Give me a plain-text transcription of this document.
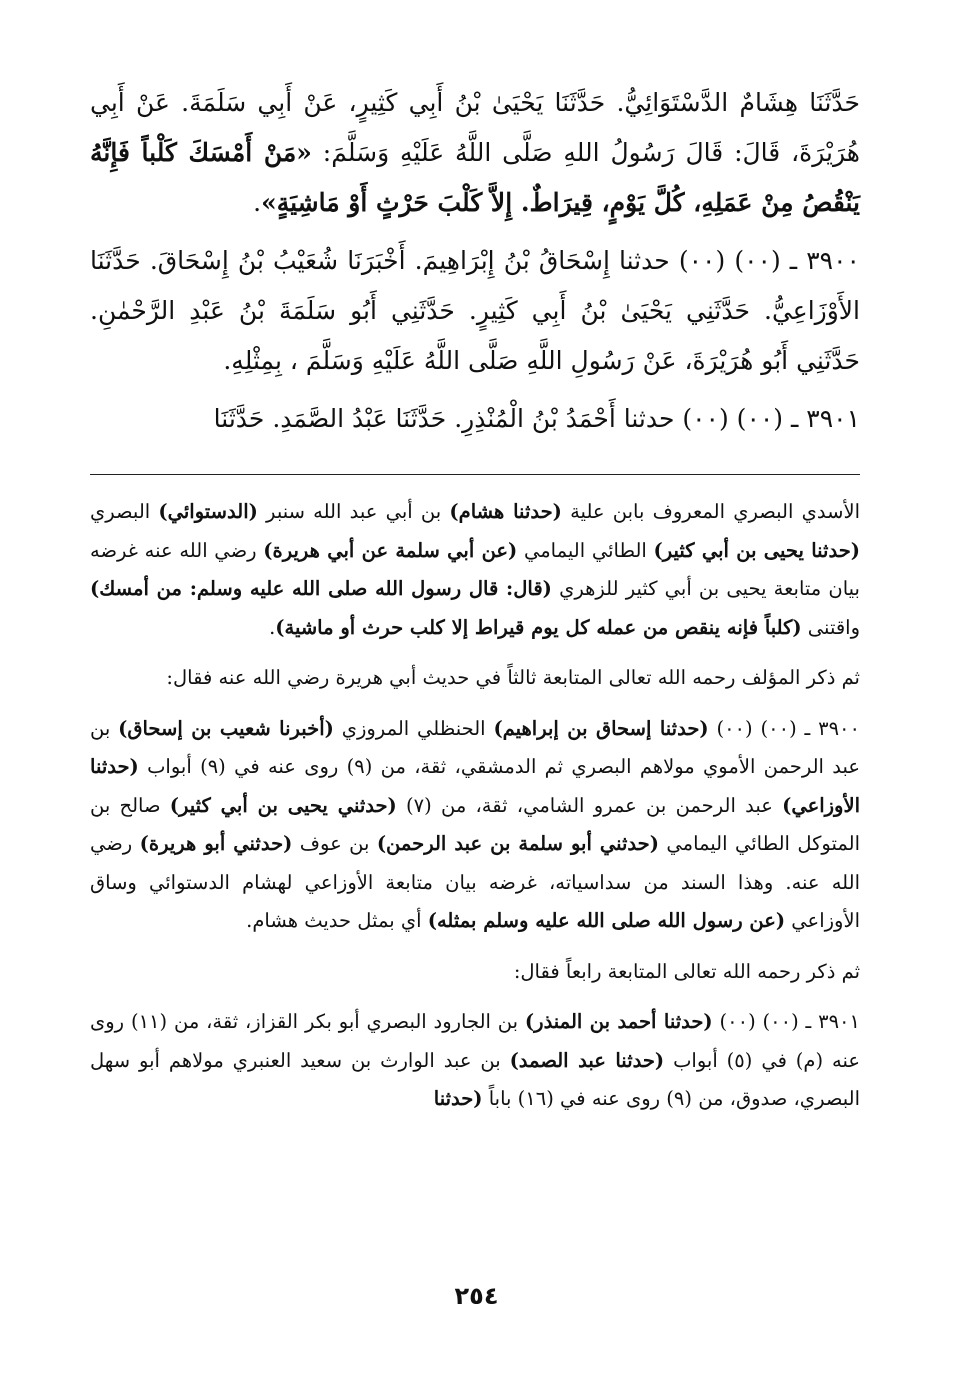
حَدَّثَنَا هِشَامٌ الدَّسْتَوَائِيُّ. حَدَّثَنَا يَحْيَىٰ بْنُ أَبِي كَثِيرٍ، عَنْ أَبِي سَلَمَةَ. عَنْ أَبِي هُرَيْرَةَ، قَالَ: قَالَ رَسُولُ اللهِ صَلَّى اللَّهُ عَلَيْهِ وَسَلَّمَ: «مَنْ أَمْسَكَ كَلْباً فَإِنَّهُ يَنْقُصُ مِنْ عَمَلِهِ، كُلَّ يَوْمٍ، قِيرَاطٌ. إِلاَّ كَلْبَ حَرْثٍ أَوْ مَاشِيَةٍ».

٣٩٠٠ ـ (٠٠) (٠٠) حدثنا إِسْحَاقُ بْنُ إِبْرَاهِيمَ. أَخْبَرَنَا شُعَيْبُ بْنُ إِسْحَاقَ. حَدَّثَنَا الأَوْزَاعِيُّ. حَدَّثَنِي يَحْيَىٰ بْنُ أَبِي كَثِيرٍ. حَدَّثَنِي أَبُو سَلَمَةَ بْنُ عَبْدِ الرَّحْمٰنِ. حَدَّثَنِي أَبُو هُرَيْرَةَ، عَنْ رَسُولِ اللَّهِ صَلَّى اللَّهُ عَلَيْهِ وَسَلَّمَ ، بِمِثْلِهِ.

٣٩٠١ ـ (٠٠) (٠٠) حدثنا أَحْمَدُ بْنُ الْمُنْذِرِ. حَدَّثَنَا عَبْدُ الصَّمَدِ. حَدَّثَنَا

الأسدي البصري المعروف بابن علية (حدثنا هشام) بن أبي عبد الله سنبر (الدستوائي) البصري (حدثنا يحيى بن أبي كثير) الطائي اليمامي (عن أبي سلمة عن أبي هريرة) رضي الله عنه غرضه بيان متابعة يحيى بن أبي كثير للزهري (قال: قال رسول الله صلى الله عليه وسلم: من أمسك) واقتنى (كلباً فإنه ينقص من عمله كل يوم قيراط إلا كلب حرث أو ماشية).

ثم ذكر المؤلف رحمه الله تعالى المتابعة ثالثاً في حديث أبي هريرة رضي الله عنه فقال:

٣٩٠٠ ـ (٠٠) (٠٠) (حدثنا إسحاق بن إبراهيم) الحنظلي المروزي (أخبرنا شعيب بن إسحاق) بن عبد الرحمن الأموي مولاهم البصري ثم الدمشقي، ثقة، من (٩) روى عنه في (٩) أبواب (حدثنا الأوزاعي) عبد الرحمن بن عمرو الشامي، ثقة، من (٧) (حدثني يحيى بن أبي كثير) صالح بن المتوكل الطائي اليمامي (حدثني أبو سلمة بن عبد الرحمن) بن عوف (حدثني أبو هريرة) رضي الله عنه. وهذا السند من سداسياته، غرضه بيان متابعة الأوزاعي لهشام الدستوائي وساق الأوزاعي (عن رسول الله صلى الله عليه وسلم بمثله) أي بمثل حديث هشام.

ثم ذكر رحمه الله تعالى المتابعة رابعاً فقال:

٣٩٠١ ـ (٠٠) (٠٠) (حدثنا أحمد بن المنذر) بن الجارود البصري أبو بكر القزاز، ثقة، من (١١) روى عنه (م) في (٥) أبواب (حدثنا عبد الصمد) بن عبد الوارث بن سعيد العنبري مولاهم أبو سهل البصري، صدوق، من (٩) روى عنه في (١٦) باباً (حدثنا

٢٥٤
